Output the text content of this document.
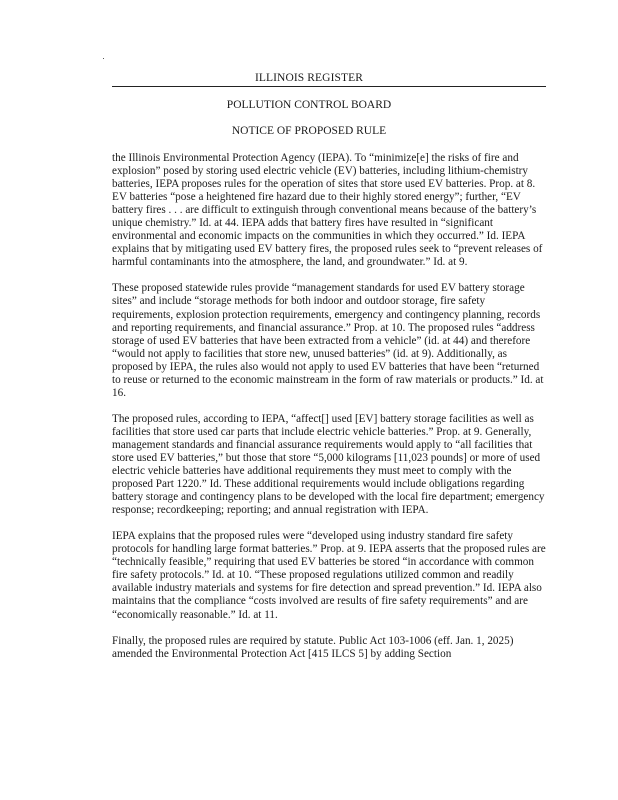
ILLINOIS REGISTER
POLLUTION CONTROL BOARD
NOTICE OF PROPOSED RULE

the Illinois Environmental Protection Agency (IEPA). To “minimize[e] the risks of fire and explosion” posed by storing used electric vehicle (EV) batteries, including lithium-chemistry batteries, IEPA proposes rules for the operation of sites that store used EV batteries. Prop. at 8. EV batteries “pose a heightened fire hazard due to their highly stored energy”; further, “EV battery fires . . . are difficult to extinguish through conventional means because of the battery’s unique chemistry.” Id. at 44. IEPA adds that battery fires have resulted in “significant environmental and economic impacts on the communities in which they occurred.” Id. IEPA explains that by mitigating used EV battery fires, the proposed rules seek to “prevent releases of harmful contaminants into the atmosphere, the land, and groundwater.” Id. at 9.

These proposed statewide rules provide “management standards for used EV battery storage sites” and include “storage methods for both indoor and outdoor storage, fire safety requirements, explosion protection requirements, emergency and contingency planning, records and reporting requirements, and financial assurance.” Prop. at 10. The proposed rules “address storage of used EV batteries that have been extracted from a vehicle” (id. at 44) and therefore “would not apply to facilities that store new, unused batteries” (id. at 9). Additionally, as proposed by IEPA, the rules also would not apply to used EV batteries that have been “returned to reuse or returned to the economic mainstream in the form of raw materials or products.” Id. at 16.

The proposed rules, according to IEPA, “affect[] used [EV] battery storage facilities as well as facilities that store used car parts that include electric vehicle batteries.” Prop. at 9. Generally, management standards and financial assurance requirements would apply to “all facilities that store used EV batteries,” but those that store “5,000 kilograms [11,023 pounds] or more of used electric vehicle batteries have additional requirements they must meet to comply with the proposed Part 1220.” Id. These additional requirements would include obligations regarding battery storage and contingency plans to be developed with the local fire department; emergency response; recordkeeping; reporting; and annual registration with IEPA.

IEPA explains that the proposed rules were “developed using industry standard fire safety protocols for handling large format batteries.” Prop. at 9. IEPA asserts that the proposed rules are “technically feasible,” requiring that used EV batteries be stored “in accordance with common fire safety protocols.” Id. at 10. “These proposed regulations utilized common and readily available industry materials and systems for fire detection and spread prevention.” Id. IEPA also maintains that the compliance “costs involved are results of fire safety requirements” and are “economically reasonable.” Id. at 11.

Finally, the proposed rules are required by statute. Public Act 103-1006 (eff. Jan. 1, 2025) amended the Environmental Protection Act [415 ILCS 5] by adding Section
